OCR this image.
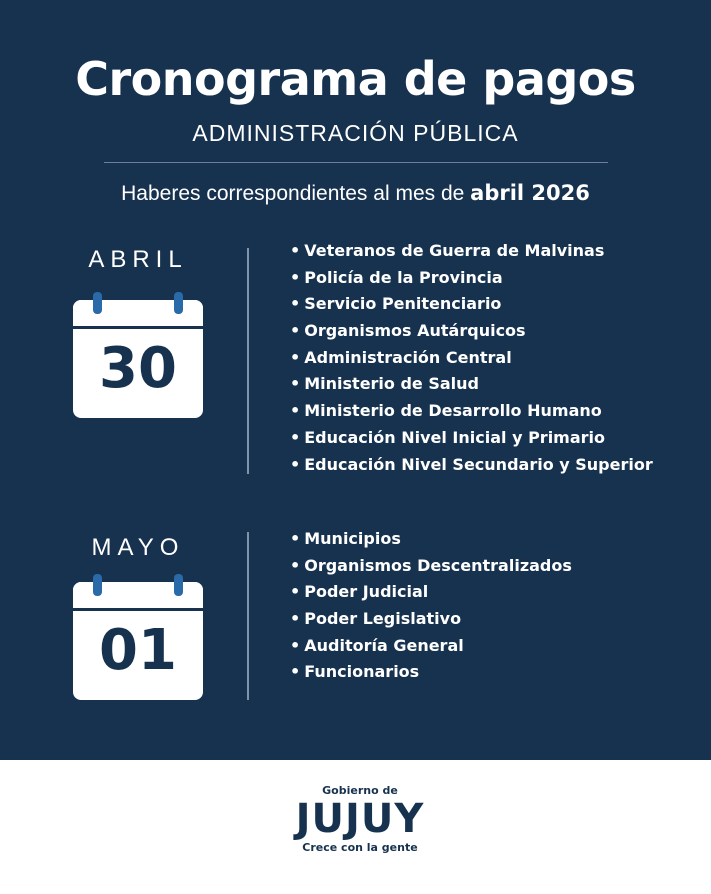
Cronograma de pagos
ADMINISTRACIÓN PÚBLICA
Haberes correspondientes al mes de abril 2026
ABRIL
30
• Veteranos de Guerra de Malvinas
• Policía de la Provincia
• Servicio Penitenciario
• Organismos Autárquicos
• Administración Central
• Ministerio de Salud
• Ministerio de Desarrollo Humano
• Educación Nivel Inicial y Primario
• Educación Nivel Secundario y Superior
MAYO
01
• Municipios
• Organismos Descentralizados
• Poder Judicial
• Poder Legislativo
• Auditoría General
• Funcionarios
Gobierno de
JUJUY
Crece con la gente
